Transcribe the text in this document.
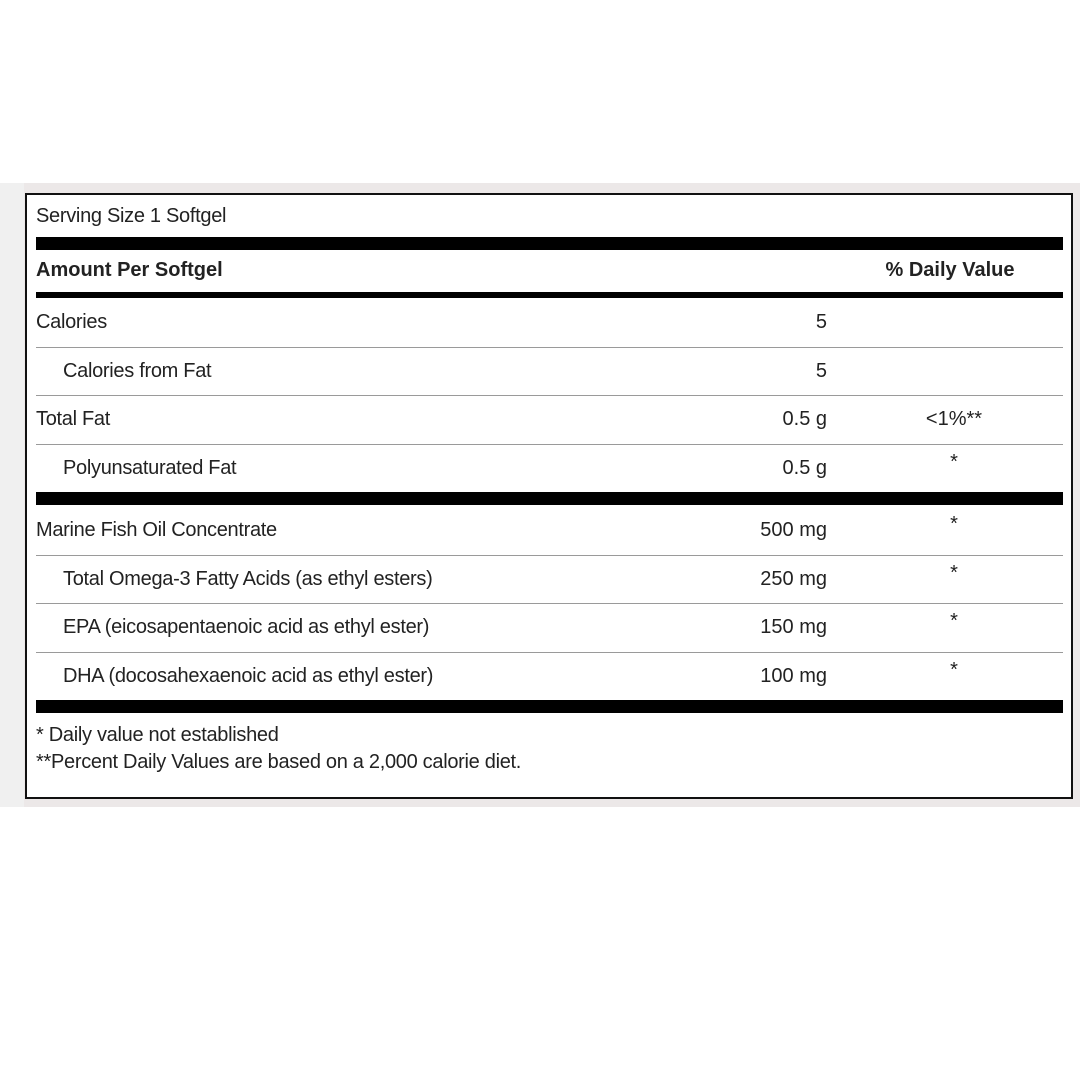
Serving Size 1 Softgel
Amount Per Softgel	% Daily Value
Calories	5
Calories from Fat	5
Total Fat	0.5 g	<1%**
Polyunsaturated Fat	0.5 g	*
Marine Fish Oil Concentrate	500 mg	*
Total Omega-3 Fatty Acids (as ethyl esters)	250 mg	*
EPA (eicosapentaenoic acid as ethyl ester)	150 mg	*
DHA (docosahexaenoic acid as ethyl ester)	100 mg	*
* Daily value not established
**Percent Daily Values are based on a 2,000 calorie diet.
